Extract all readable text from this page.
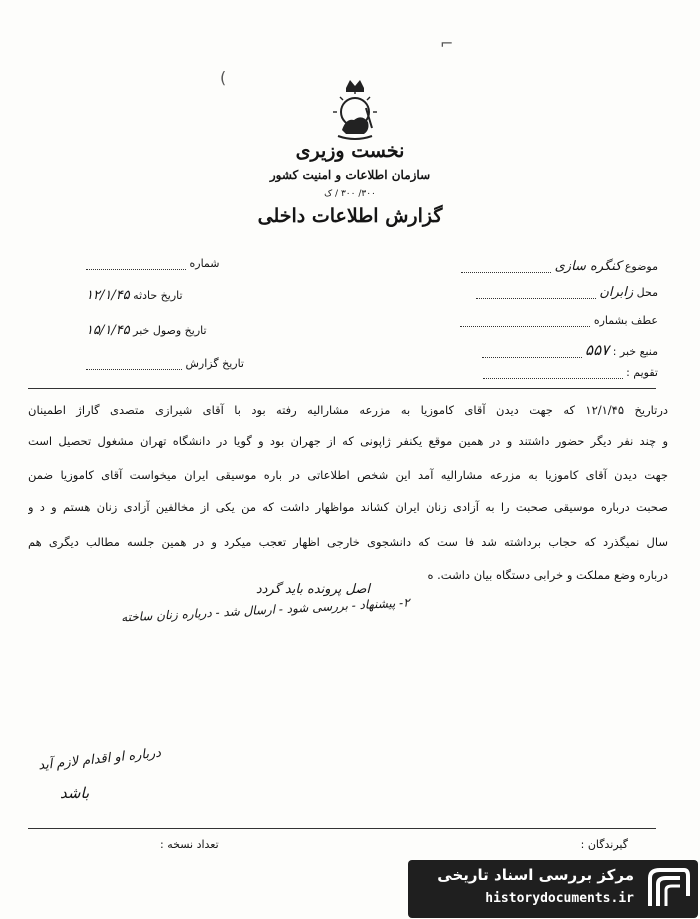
⌐
(
نخست وزیری
سازمان اطلاعات و امنیت کشور
۳۰۰/ ۳۰۰ / ک
گزارش اطلاعات داخلی
موضوع کنگره سازی
محل زابران
عطف بشماره
منبع خبر : ۵۵۷
تقویم :
شماره
تاریخ حادثه ۱۲/۱/۴۵
تاریخ وصول خبر ۱۵/۱/۴۵
تاریخ گزارش
درتاریخ ۱۲/۱/۴۵ که جهت دیدن آقای کاموزیا به مزرعه مشارالیه رفته بود با آقای شیرازی متصدی گاراژ اطمینان
و چند نفر دیگر حضور داشتند و در همین موقع یکنفر ژاپونی که از جهران بود و گویا در دانشگاه تهران مشغول تحصیل است
جهت دیدن آقای کاموزیا به مزرعه مشارالیه آمد این شخص اطلاعاتی در باره موسیقی ایران میخواست آقای کاموزیا ضمن
صحبت درباره موسیقی صحبت را به آزادی زنان ایران کشاند مواظهار داشت که من یکی از مخالفین آزادی زنان هستم و د و
سال نمیگذرد که حجاب برداشته شد فا ست که دانشجوی خارجی اظهار تعجب میکرد و در همین جلسه مطالب دیگری هم
درباره وضع مملکت و خرابی دستگاه بیان داشت. ه
اصل پرونده باید گردد
۲- پیشنهاد - بررسی شود - ارسال شد - درباره زنان ساخته
درباره او اقدام لازم آید
باشد
گیرندگان :
تعداد نسخه :
مرکز بررسی اسناد تاریخی
historydocuments.ir
